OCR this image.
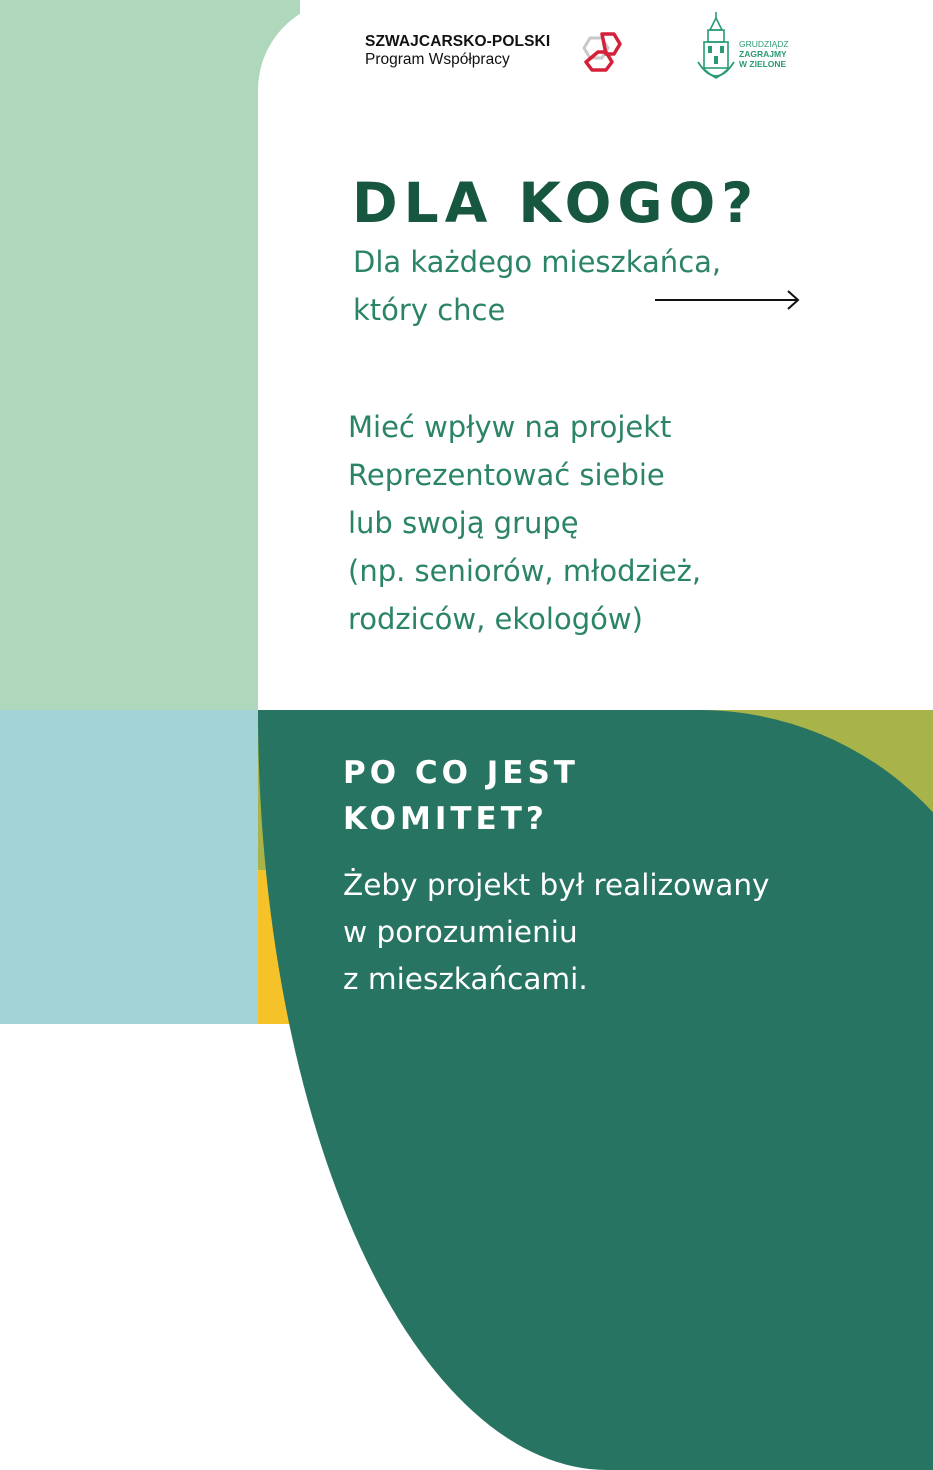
SZWAJCARSKO-POLSKI
Program Współpracy
GRUDZIĄDZ
ZAGRAJMY
W ZIELONE
DLA KOGO?
Dla każdego mieszkańca,
który chce
Mieć wpływ na projekt
Reprezentować siebie
lub swoją grupę
(np. seniorów, młodzież,
rodziców, ekologów)
PO CO JEST
KOMITET?
Żeby projekt był realizowany
w porozumieniu
z mieszkańcami.
